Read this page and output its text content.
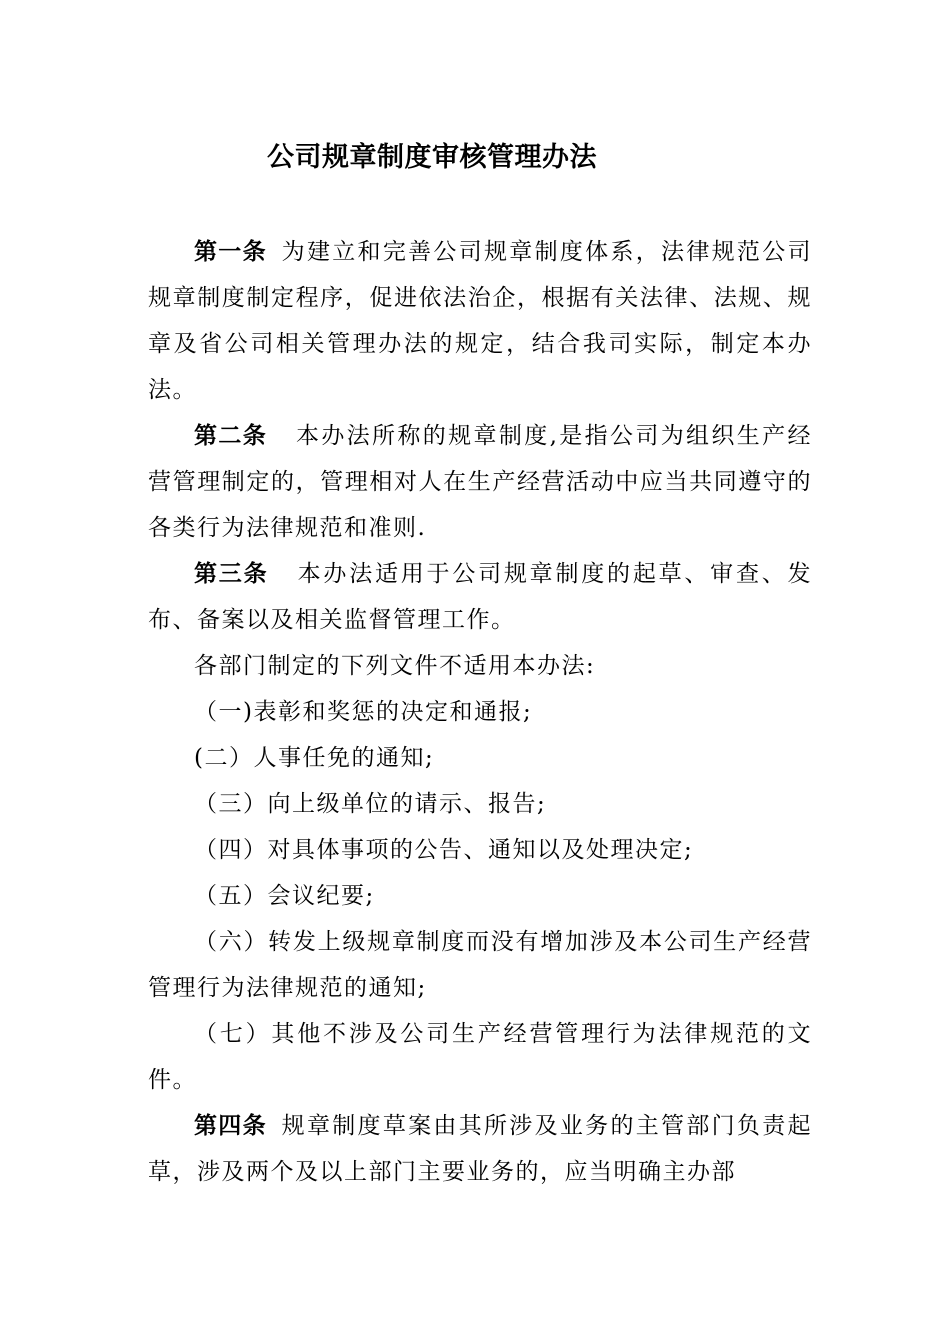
公司规章制度审核管理办法

第一条 为建立和完善公司规章制度体系，法律规范公司规章制度制定程序，促进依法治企，根据有关法律、法规、规章及省公司相关管理办法的规定，结合我司实际，制定本办法。

第二条 本办法所称的规章制度,是指公司为组织生产经营管理制定的，管理相对人在生产经营活动中应当共同遵守的各类行为法律规范和准则.

第三条 本办法适用于公司规章制度的起草、审查、发布、备案以及相关监督管理工作。

各部门制定的下列文件不适用本办法:

（一)表彰和奖惩的决定和通报;

(二）人事任免的通知;

（三）向上级单位的请示、报告;

（四）对具体事项的公告、通知以及处理决定;

（五）会议纪要;

（六）转发上级规章制度而没有增加涉及本公司生产经营管理行为法律规范的通知;

（七）其他不涉及公司生产经营管理行为法律规范的文件。

第四条 规章制度草案由其所涉及业务的主管部门负责起草，涉及两个及以上部门主要业务的，应当明确主办部
